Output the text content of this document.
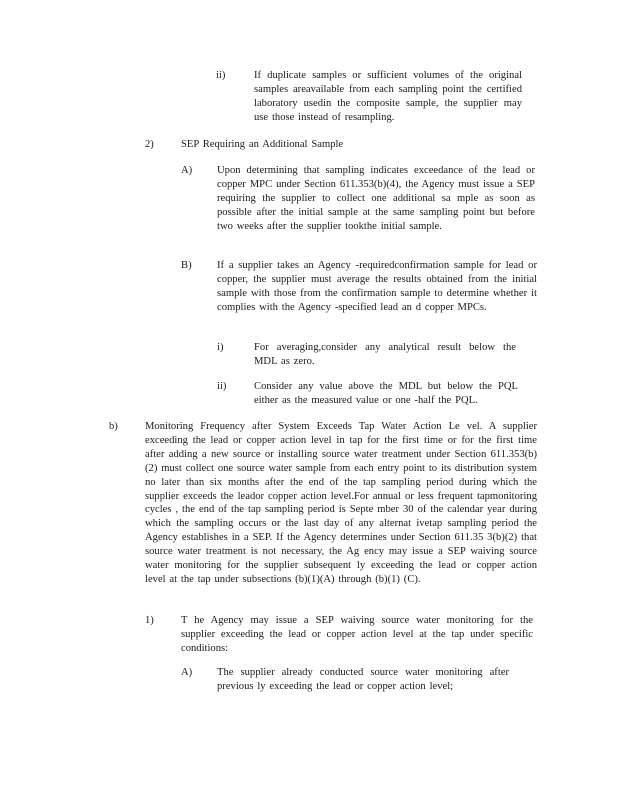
ii)	If duplicate samples or sufficient volumes of the original samples areavailable from each sampling point the certified laboratory usedin the composite sample, the supplier may use those instead of resampling.
2)	SEP Requiring an Additional Sample
A) Upon determining that sampling indicates exceedance of the lead or copper MPC under Section 611.353(b)(4), the Agency must issue a SEP requiring the supplier to collect one additional sa mple as soon as possible after the initial sample at the same sampling point but before two weeks after the supplier tookthe initial sample.
B) If a supplier takes an Agency -requiredconfirmation sample for lead or copper, the supplier must average the results obtained from the initial sample with those from the confirmation sample to determine whether it complies with the Agency -specified lead an d copper MPCs.
i)	For averaging,consider any analytical result below the MDL as zero.
ii)	Consider any value above the MDL but below the PQL either as the measured value or one -half the PQL.
b)	Monitoring Frequency after System Exceeds Tap Water Action Le vel. A supplier exceeding the lead or copper action level in tap for the first time or for the first time after adding a new source or installing source water treatment under Section 611.353(b)(2) must collect one source water sample from each entry point to its distribution system no later than six months after the end of the tap sampling period during which the supplier exceeds the leador copper action level.For annual or less frequent tapmonitoring cycles , the end of the tap sampling period is Septe mber 30 of the calendar year during which the sampling occurs or the last day of any alternat ivetap sampling period the Agency establishes in a SEP. If the Agency determines under Section 611.35 3(b)(2) that source water treatment is not necessary, the Ag ency may issue a SEP waiving source water monitoring for the supplier subsequent ly exceeding the lead or copper action level at the tap under subsections (b)(1)(A) through (b)(1) (C).
1)	T he Agency may issue a SEP waiving source water monitoring for the supplier exceeding the lead or copper action level at the tap under specific conditions:
A) The supplier already conducted source water monitoring after previous ly exceeding the lead or copper action level;
